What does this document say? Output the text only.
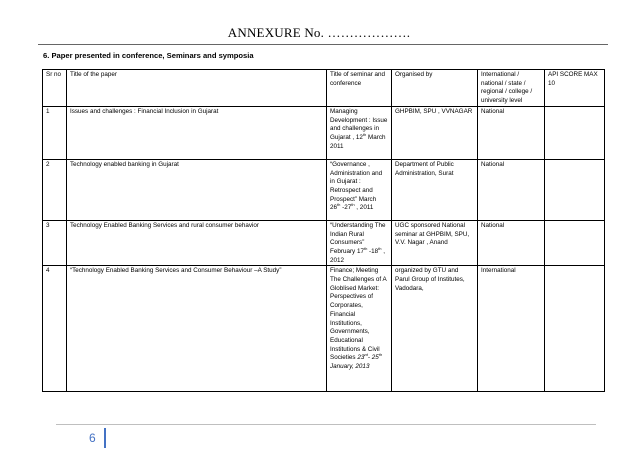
ANNEXURE No. ……………….
6. Paper presented in conference, Seminars and symposia
Sr no	Title of the paper	Title of seminar and conference	Organised by	International / national / state / regional / college / university level	API SCORE MAX 10
1	Issues and challenges : Financial Inclusion in Gujarat	Managing Development : Issue and challenges in Gujarat , 12th March 2011	GHPBIM, SPU , VVNAGAR	National	
2	Technology enabled banking in Gujarat	“Governance , Administration and in Gujarat : Retrospect and Prospect” March 26th -27th , 2011	Department of Public Administration, Surat	National	
3	Technology Enabled Banking Services and rural consumer behavior	“Understanding The Indian Rural Consumers” February 17th -18th , 2012	UGC sponsored National seminar at GHPBIM, SPU, V.V. Nagar , Anand	National	
4	“Technology Enabled Banking Services and Consumer Behaviour –A Study”	Finance; Meeting The Challenges of A Globlised Market: Perspectives of Corporates, Financial Institutions, Governments, Educational Institutions & Civil Societies 23rd- 25th January, 2013	organized by GTU and Parul Group of Institutes, Vadodara,	International	
6
